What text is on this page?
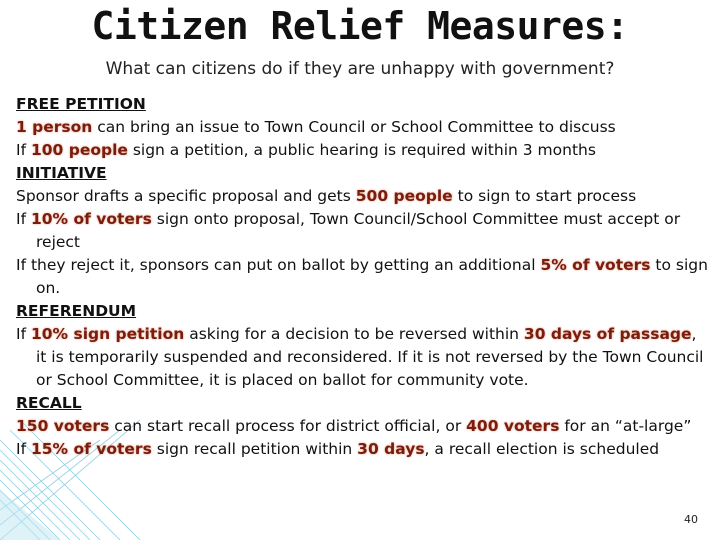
Citizen Relief Measures:

What can citizens do if they are unhappy with government?

FREE PETITION
1 person can bring an issue to Town Council or School Committee to discuss
If 100 people sign a petition, a public hearing is required within 3 months
INITIATIVE
Sponsor drafts a specific proposal and gets 500 people to sign to start process
If 10% of voters sign onto proposal, Town Council/School Committee must accept or reject
If they reject it, sponsors can put on ballot by getting an additional 5% of voters to sign on.
REFERENDUM
If 10% sign petition asking for a decision to be reversed within 30 days of passage, it is temporarily suspended and reconsidered. If it is not reversed by the Town Council or School Committee, it is placed on ballot for community vote.
RECALL
150 voters can start recall process for district official, or 400 voters for an “at-large”
If 15% of voters sign recall petition within 30 days, a recall election is scheduled
40
